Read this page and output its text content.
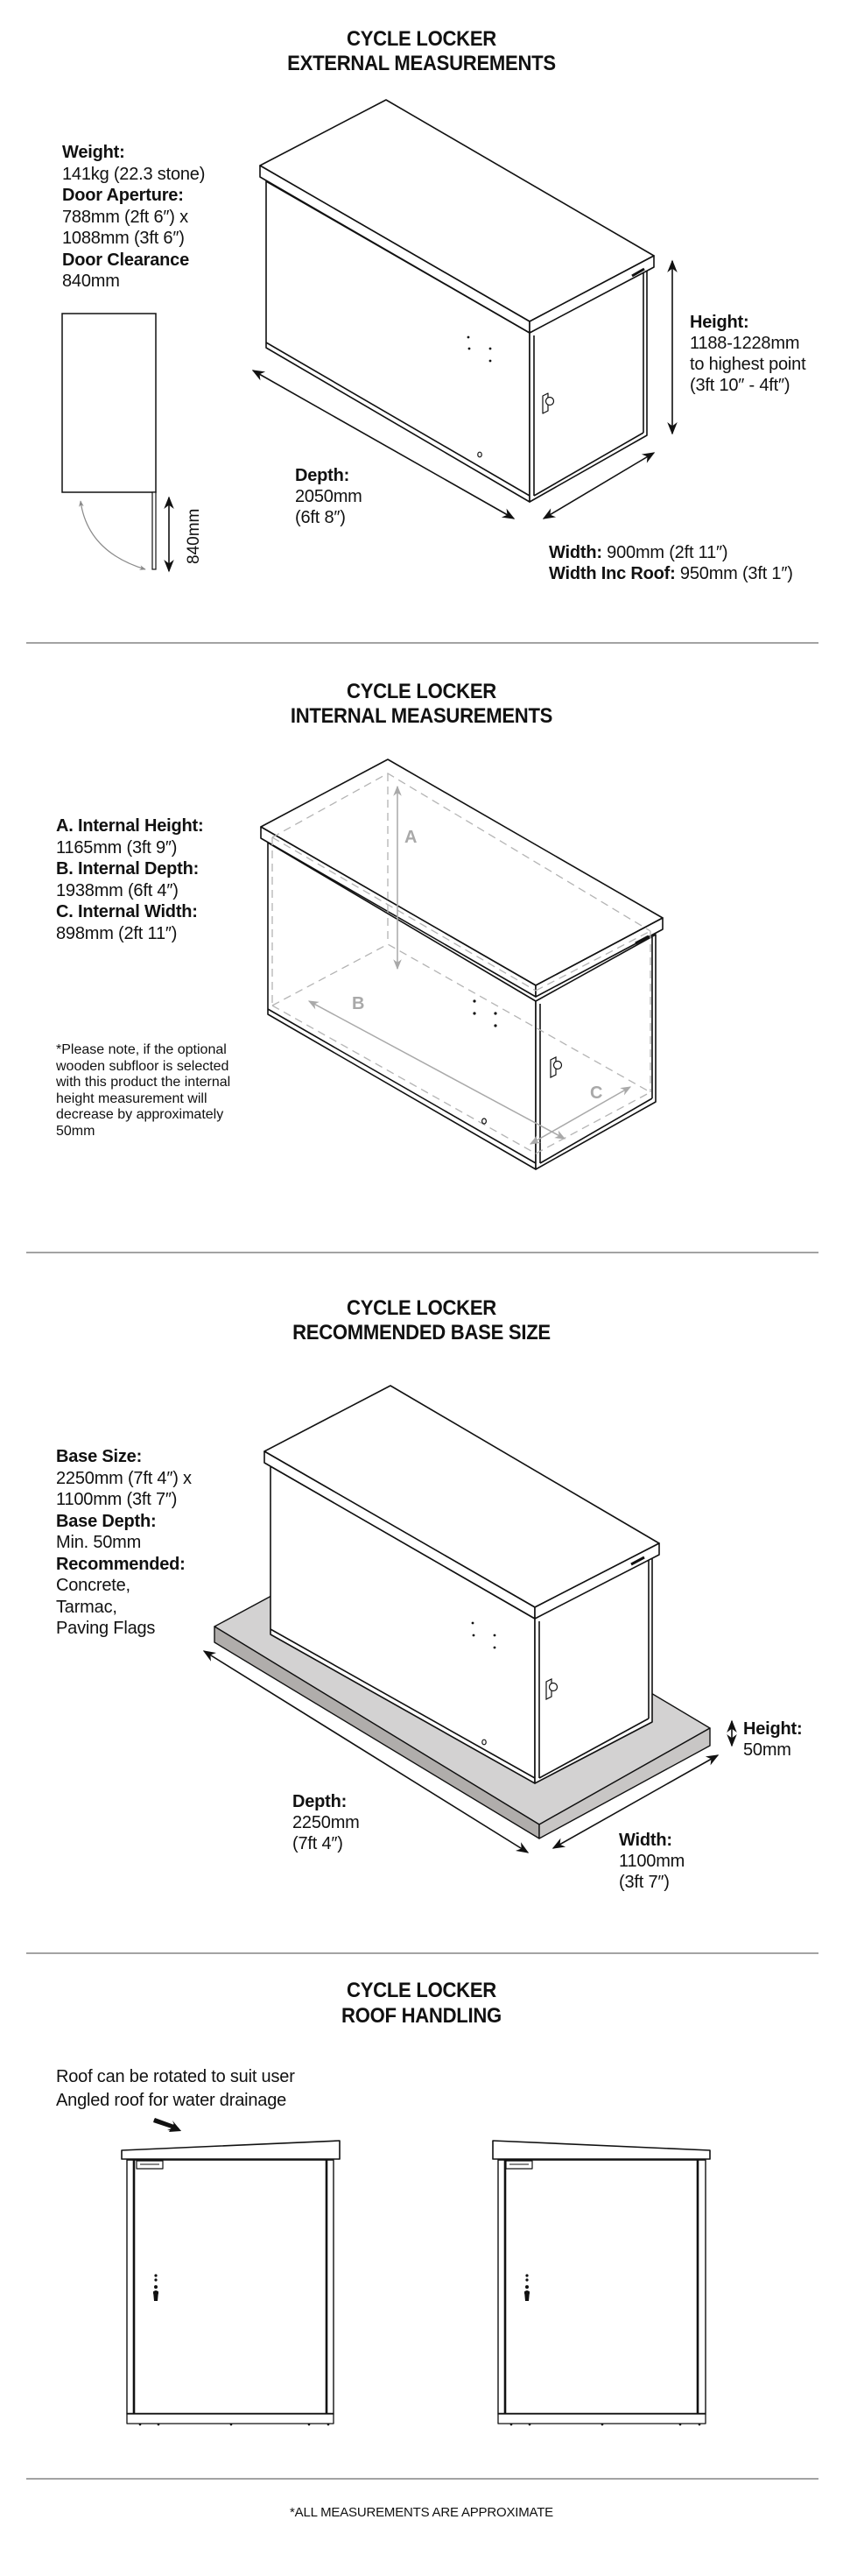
CYCLE LOCKER
EXTERNAL MEASUREMENTS
Weight:
141kg (22.3 stone)
Door Aperture:
788mm (2ft 6″) x
1088mm (3ft 6″)
Door Clearance
840mm
840mm
Height:
1188-1228mm
to highest point
(3ft 10″ - 4ft″)
Depth:
2050mm
(6ft 8″)
Width: 900mm (2ft 11″)
Width Inc Roof: 950mm (3ft 1″)
CYCLE LOCKER
INTERNAL MEASUREMENTS
A. Internal Height:
1165mm (3ft 9″)
B. Internal Depth:
1938mm (6ft 4″)
C. Internal Width:
898mm (2ft 11″)
*Please note, if the optional wooden subfloor is selected with this product the internal height measurement will decrease by approximately 50mm
A
B
C
CYCLE LOCKER
RECOMMENDED BASE SIZE
Base Size:
2250mm (7ft 4″) x
1100mm (3ft 7″)
Base Depth:
Min. 50mm
Recommended:
Concrete,
Tarmac,
Paving Flags
Height:
50mm
Depth:
2250mm
(7ft 4″)	Width:
1100mm
(3ft 7″)
CYCLE LOCKER
ROOF HANDLING
Roof can be rotated to suit user
Angled roof for water drainage
*ALL MEASUREMENTS ARE APPROXIMATE
